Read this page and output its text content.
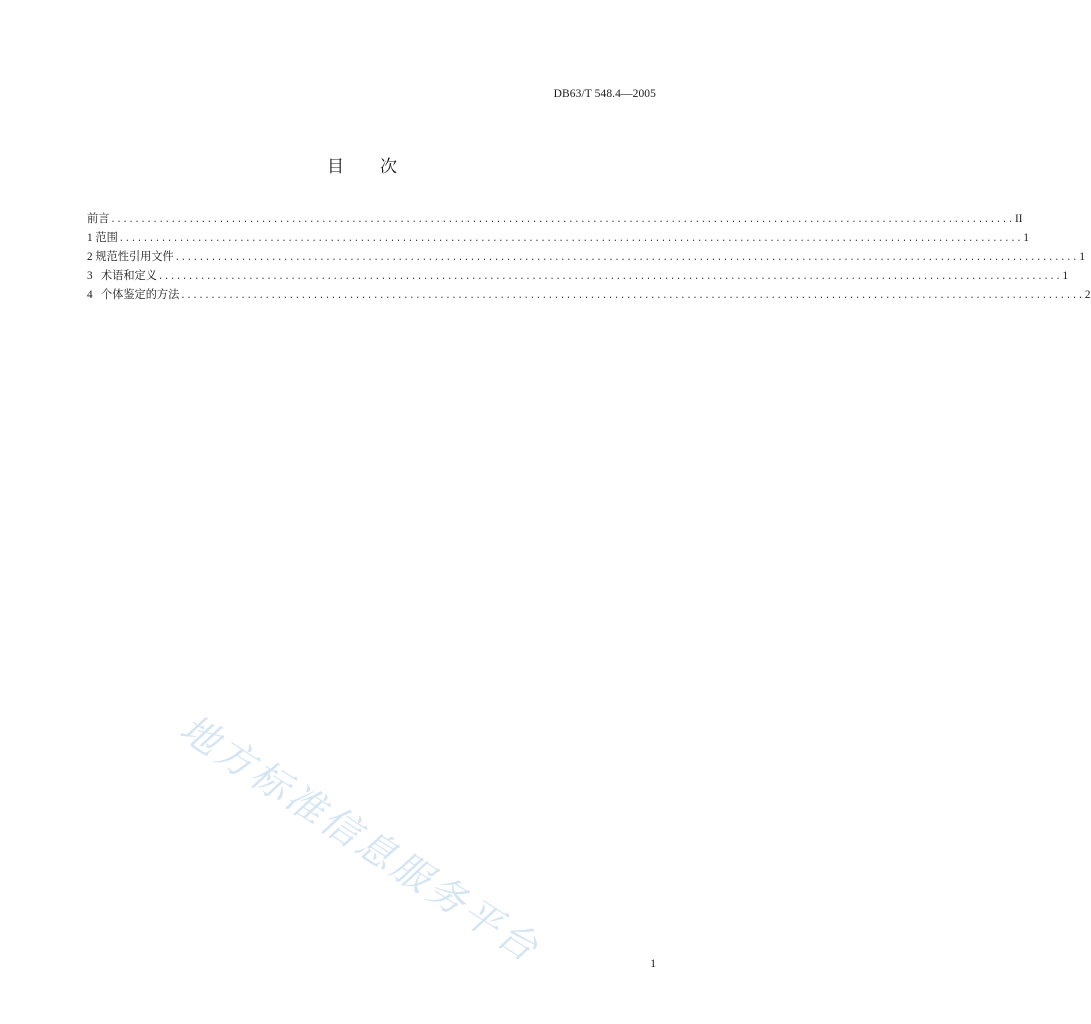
DB63/T 548.4—2005
目 次
前言 ...................................................................................................................................................... II
1 范围 ...................................................................................................................................................... 1
2 规范性引用文件 ...................................................................................................................................................... 1
3 术语和定义 ...................................................................................................................................................... 1
4 个体鉴定的方法 ...................................................................................................................................................... 2
地方标准信息服务平台	1
